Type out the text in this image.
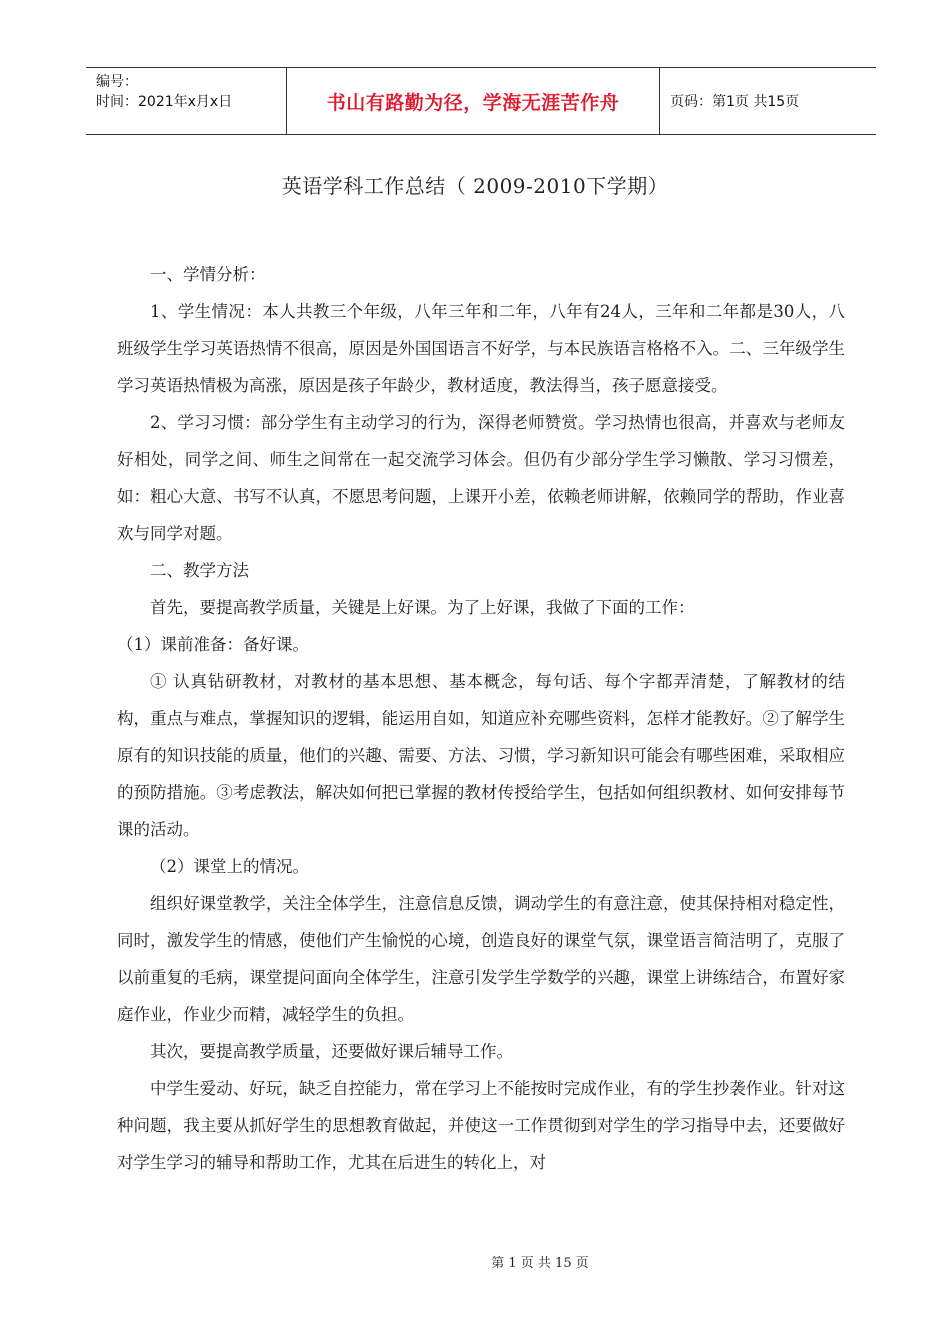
编号：
时间：2021年x月x日	书山有路勤为径，学海无涯苦作舟	页码：第1页 共15页
英语学科工作总结（ 2009-2010下学期）

一、学情分析：

1、学生情况：本人共教三个年级，八年三年和二年，八年有24人，三年和二年都是30人，八班级学生学习英语热情不很高，原因是外国国语言不好学，与本民族语言格格不入。二、三年级学生学习英语热情极为高涨，原因是孩子年龄少，教材适度，教法得当，孩子愿意接受。

2、学习习惯：部分学生有主动学习的行为，深得老师赞赏。学习热情也很高，并喜欢与老师友好相处，同学之间、师生之间常在一起交流学习体会。但仍有少部分学生学习懒散、学习习惯差，如：粗心大意、书写不认真，不愿思考问题，上课开小差，依赖老师讲解，依赖同学的帮助，作业喜欢与同学对题。

二、教学方法

首先，要提高教学质量，关键是上好课。为了上好课，我做了下面的工作：

（1）课前准备：备好课。

① 认真钻研教材，对教材的基本思想、基本概念，每句话、每个字都弄清楚，了解教材的结构，重点与难点，掌握知识的逻辑，能运用自如，知道应补充哪些资料，怎样才能教好。②了解学生原有的知识技能的质量，他们的兴趣、需要、方法、习惯，学习新知识可能会有哪些困难，采取相应的预防措施。③考虑教法，解决如何把已掌握的教材传授给学生，包括如何组织教材、如何安排每节课的活动。

（2）课堂上的情况。

组织好课堂教学，关注全体学生，注意信息反馈，调动学生的有意注意，使其保持相对稳定性，同时，激发学生的情感，使他们产生愉悦的心境，创造良好的课堂气氛，课堂语言简洁明了，克服了以前重复的毛病，课堂提问面向全体学生，注意引发学生学数学的兴趣，课堂上讲练结合，布置好家庭作业，作业少而精，减轻学生的负担。

其次，要提高教学质量，还要做好课后辅导工作。

中学生爱动、好玩，缺乏自控能力，常在学习上不能按时完成作业，有的学生抄袭作业。针对这种问题，我主要从抓好学生的思想教育做起，并使这一工作贯彻到对学生的学习指导中去，还要做好对学生学习的辅导和帮助工作，尤其在后进生的转化上，对

第 1 页 共 15 页
